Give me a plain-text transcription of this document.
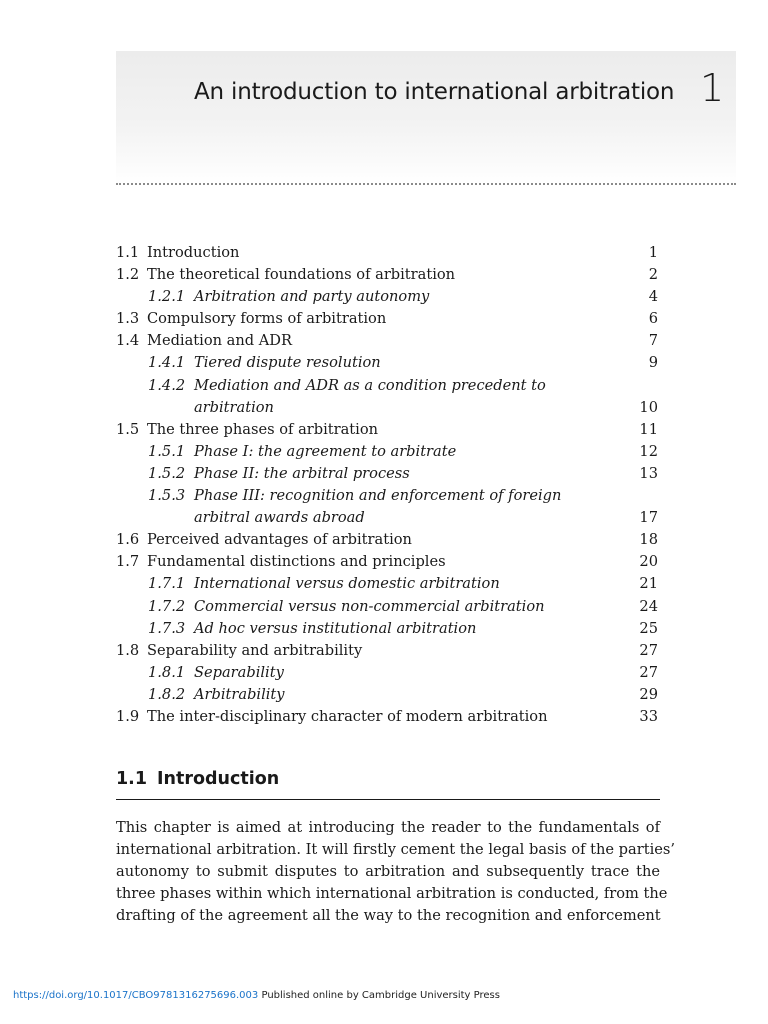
An introduction to international arbitration 1
1.1 Introduction	1
1.2 The theoretical foundations of arbitration	2
1.2.1 Arbitration and party autonomy	4
1.3 Compulsory forms of arbitration	6
1.4 Mediation and ADR	7
1.4.1 Tiered dispute resolution	9
1.4.2 Mediation and ADR as a condition precedent to
arbitration	10
1.5 The three phases of arbitration	11
1.5.1 Phase I: the agreement to arbitrate	12
1.5.2 Phase II: the arbitral process	13
1.5.3 Phase III: recognition and enforcement of foreign
arbitral awards abroad	17
1.6 Perceived advantages of arbitration	18
1.7 Fundamental distinctions and principles	20
1.7.1 International versus domestic arbitration	21
1.7.2 Commercial versus non-commercial arbitration	24
1.7.3 Ad hoc versus institutional arbitration	25
1.8 Separability and arbitrability	27
1.8.1 Separability	27
1.8.2 Arbitrability	29
1.9 The inter-disciplinary character of modern arbitration	33
1.1 Introduction
This chapter is aimed at introducing the reader to the fundamentals of
international arbitration. It will firstly cement the legal basis of the parties’
autonomy to submit disputes to arbitration and subsequently trace the
three phases within which international arbitration is conducted, from the
drafting of the agreement all the way to the recognition and enforcement
https://doi.org/10.1017/CBO9781316275696.003 Published online by Cambridge University Press
